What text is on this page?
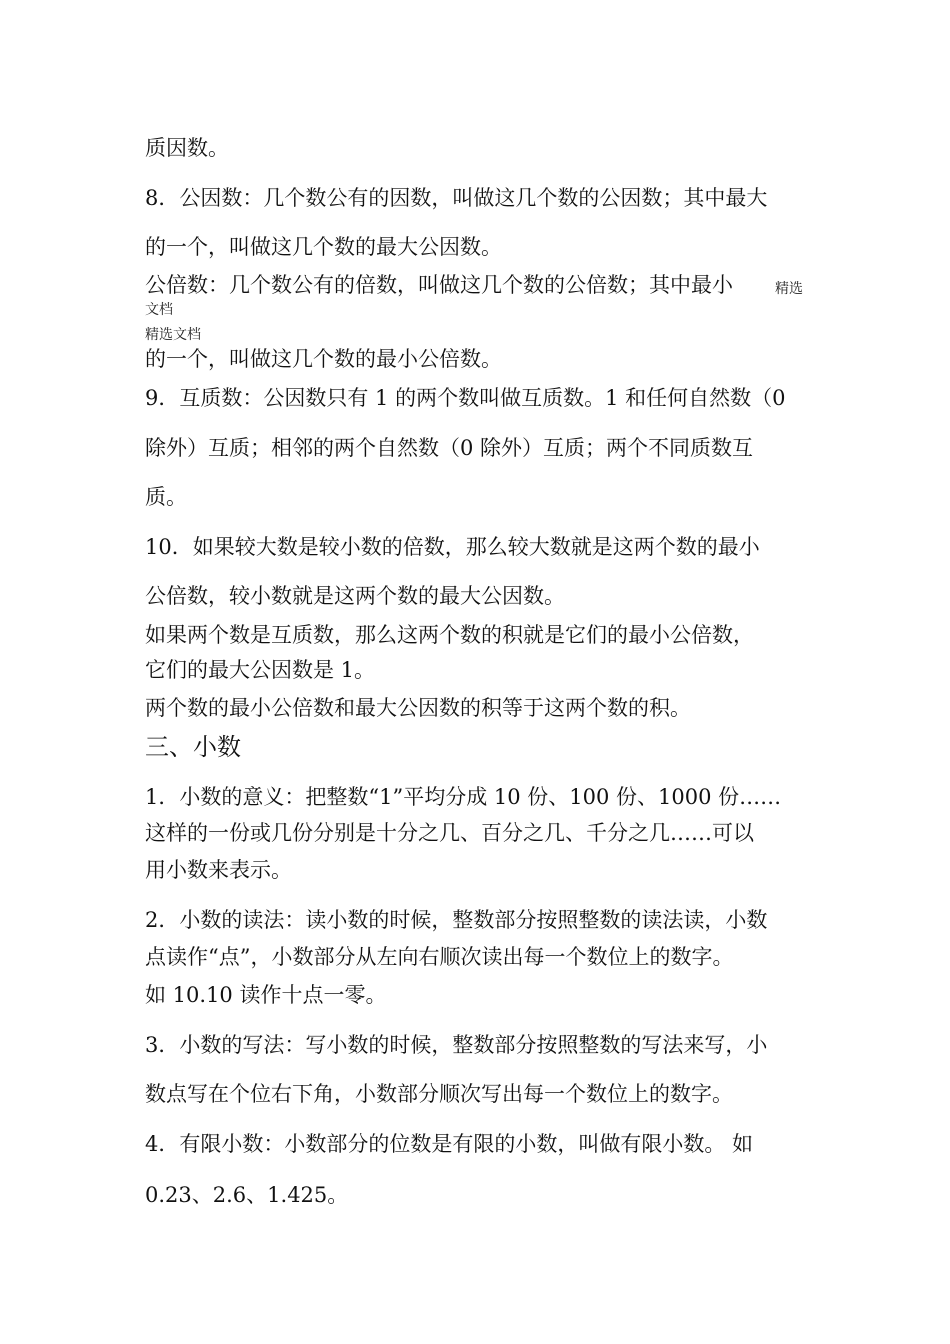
质因数。

8．公因数：几个数公有的因数，叫做这几个数的公因数；其中最大

的一个，叫做这几个数的最大公因数。

公倍数：几个数公有的倍数，叫做这几个数的公倍数；其中最小	精选
文档
精选文档

的一个，叫做这几个数的最小公倍数。

9．互质数：公因数只有 1 的两个数叫做互质数。1 和任何自然数（0

除外）互质；相邻的两个自然数（0 除外）互质；两个不同质数互

质。

10．如果较大数是较小数的倍数，那么较大数就是这两个数的最小

公倍数，较小数就是这两个数的最大公因数。

如果两个数是互质数，那么这两个数的积就是它们的最小公倍数，

它们的最大公因数是 1。

两个数的最小公倍数和最大公因数的积等于这两个数的积。

三、小数

1．小数的意义：把整数“1”平均分成 10 份、100 份、1000 份……

这样的一份或几份分别是十分之几、百分之几、千分之几……可以

用小数来表示。

2．小数的读法：读小数的时候，整数部分按照整数的读法读，小数

点读作“点”，小数部分从左向右顺次读出每一个数位上的数字。

如 10.10 读作十点一零。

3．小数的写法：写小数的时候，整数部分按照整数的写法来写，小

数点写在个位右下角，小数部分顺次写出每一个数位上的数字。

4．有限小数：小数部分的位数是有限的小数，叫做有限小数。 如

0.23、2.6、1.425。
